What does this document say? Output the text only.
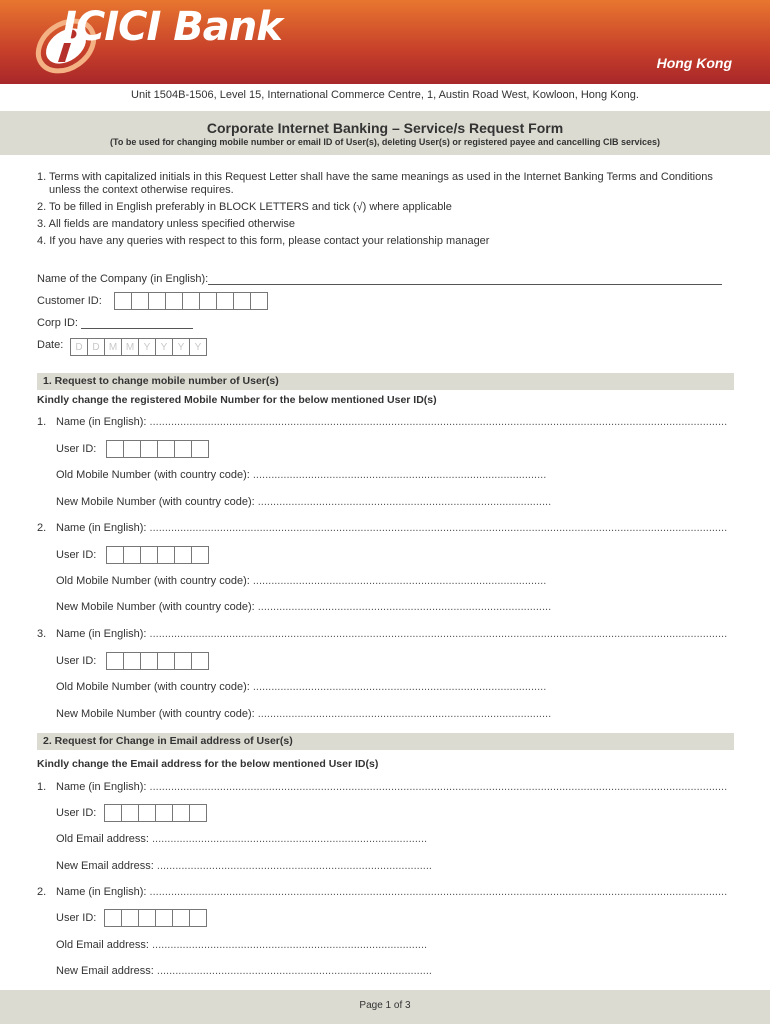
ICICI Bank
Hong Kong
Unit 1504B-1506, Level 15, International Commerce Centre, 1, Austin Road West, Kowloon, Hong Kong.
Corporate Internet Banking – Service/s Request Form
(To be used for changing mobile number or email ID of User(s), deleting User(s) or registered payee and cancelling CIB services)
1. Terms with capitalized initials in this Request Letter shall have the same meanings as used in the Internet Banking Terms and Conditions unless the context otherwise requires.
2. To be filled in English preferably in BLOCK LETTERS and tick (√) where applicable
3. All fields are mandatory unless specified otherwise
4. If you have any queries with respect to this form, please contact your relationship manager
Name of the Company (in English):
Customer ID:
Corp ID:
Date:	D D M M Y	Y	Y	Y
1. Request to change mobile number of User(s)
Kindly change the registered Mobile Number for the below mentioned User ID(s)
1. Name (in English): .............................................................................................................................................................................................
User ID:
Old Mobile Number (with country code): ................................................................................................
New Mobile Number (with country code): ................................................................................................
2. Name (in English): .............................................................................................................................................................................................
User ID:
Old Mobile Number (with country code): ................................................................................................
New Mobile Number (with country code): ................................................................................................
3. Name (in English): .............................................................................................................................................................................................
User ID:
Old Mobile Number (with country code): ................................................................................................
New Mobile Number (with country code): ................................................................................................
2. Request for Change in Email address of User(s)
Kindly change the Email address for the below mentioned User ID(s)
1. Name (in English): .............................................................................................................................................................................................
User ID:
Old Email address: ..........................................................................................
New Email address: ..........................................................................................
2. Name (in English): .............................................................................................................................................................................................
User ID:
Old Email address: ..........................................................................................
New Email address: ..........................................................................................
Page 1 of 3
